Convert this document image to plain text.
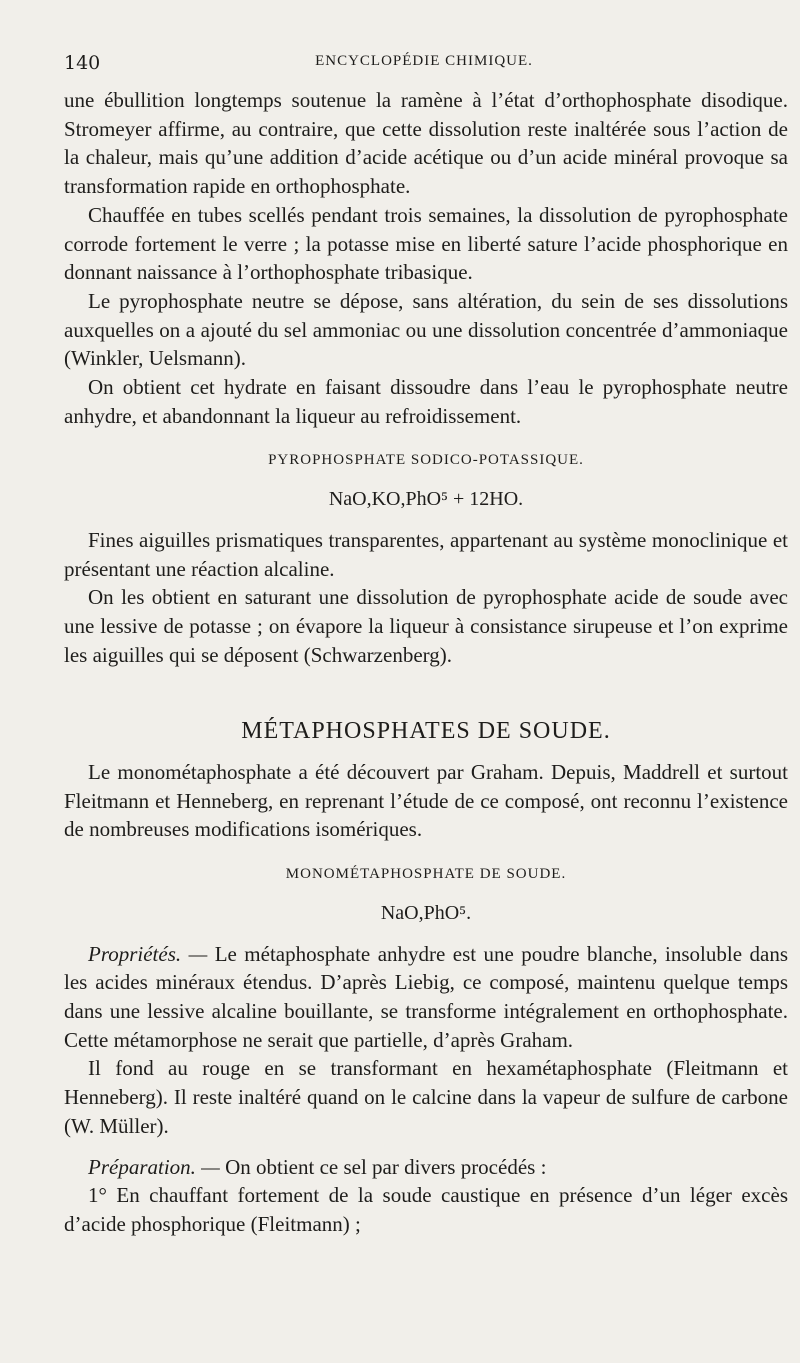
140	ENCYCLOPÉDIE CHIMIQUE.

une ébullition longtemps soutenue la ramène à l’état d’orthophosphate disodique. Stromeyer affirme, au contraire, que cette dissolution reste inaltérée sous l’action de la chaleur, mais qu’une addition d’acide acétique ou d’un acide minéral provoque sa transformation rapide en orthophosphate.

Chauffée en tubes scellés pendant trois semaines, la dissolution de pyrophosphate corrode fortement le verre ; la potasse mise en liberté sature l’acide phosphorique en donnant naissance à l’orthophosphate tribasique.

Le pyrophosphate neutre se dépose, sans altération, du sein de ses dissolutions auxquelles on a ajouté du sel ammoniac ou une dissolution concentrée d’ammoniaque (Winkler, Uelsmann).

On obtient cet hydrate en faisant dissoudre dans l’eau le pyrophosphate neutre anhydre, et abandonnant la liqueur au refroidissement.

PYROPHOSPHATE SODICO-POTASSIQUE.
NaO,KO,PhO⁵ + 12HO.

Fines aiguilles prismatiques transparentes, appartenant au système monoclinique et présentant une réaction alcaline.

On les obtient en saturant une dissolution de pyrophosphate acide de soude avec une lessive de potasse ; on évapore la liqueur à consistance sirupeuse et l’on exprime les aiguilles qui se déposent (Schwarzenberg).

MÉTAPHOSPHATES DE SOUDE.

Le monométaphosphate a été découvert par Graham. Depuis, Maddrell et surtout Fleitmann et Henneberg, en reprenant l’étude de ce composé, ont reconnu l’existence de nombreuses modifications isomériques.

MONOMÉTAPHOSPHATE DE SOUDE.
NaO,PhO⁵.

Propriétés. — Le métaphosphate anhydre est une poudre blanche, insoluble dans les acides minéraux étendus. D’après Liebig, ce composé, maintenu quelque temps dans une lessive alcaline bouillante, se transforme intégralement en orthophosphate. Cette métamorphose ne serait que partielle, d’après Graham.

Il fond au rouge en se transformant en hexamétaphosphate (Fleitmann et Henneberg). Il reste inaltéré quand on le calcine dans la vapeur de sulfure de carbone (W. Müller).

Préparation. — On obtient ce sel par divers procédés :

1° En chauffant fortement de la soude caustique en présence d’un léger excès d’acide phosphorique (Fleitmann) ;
